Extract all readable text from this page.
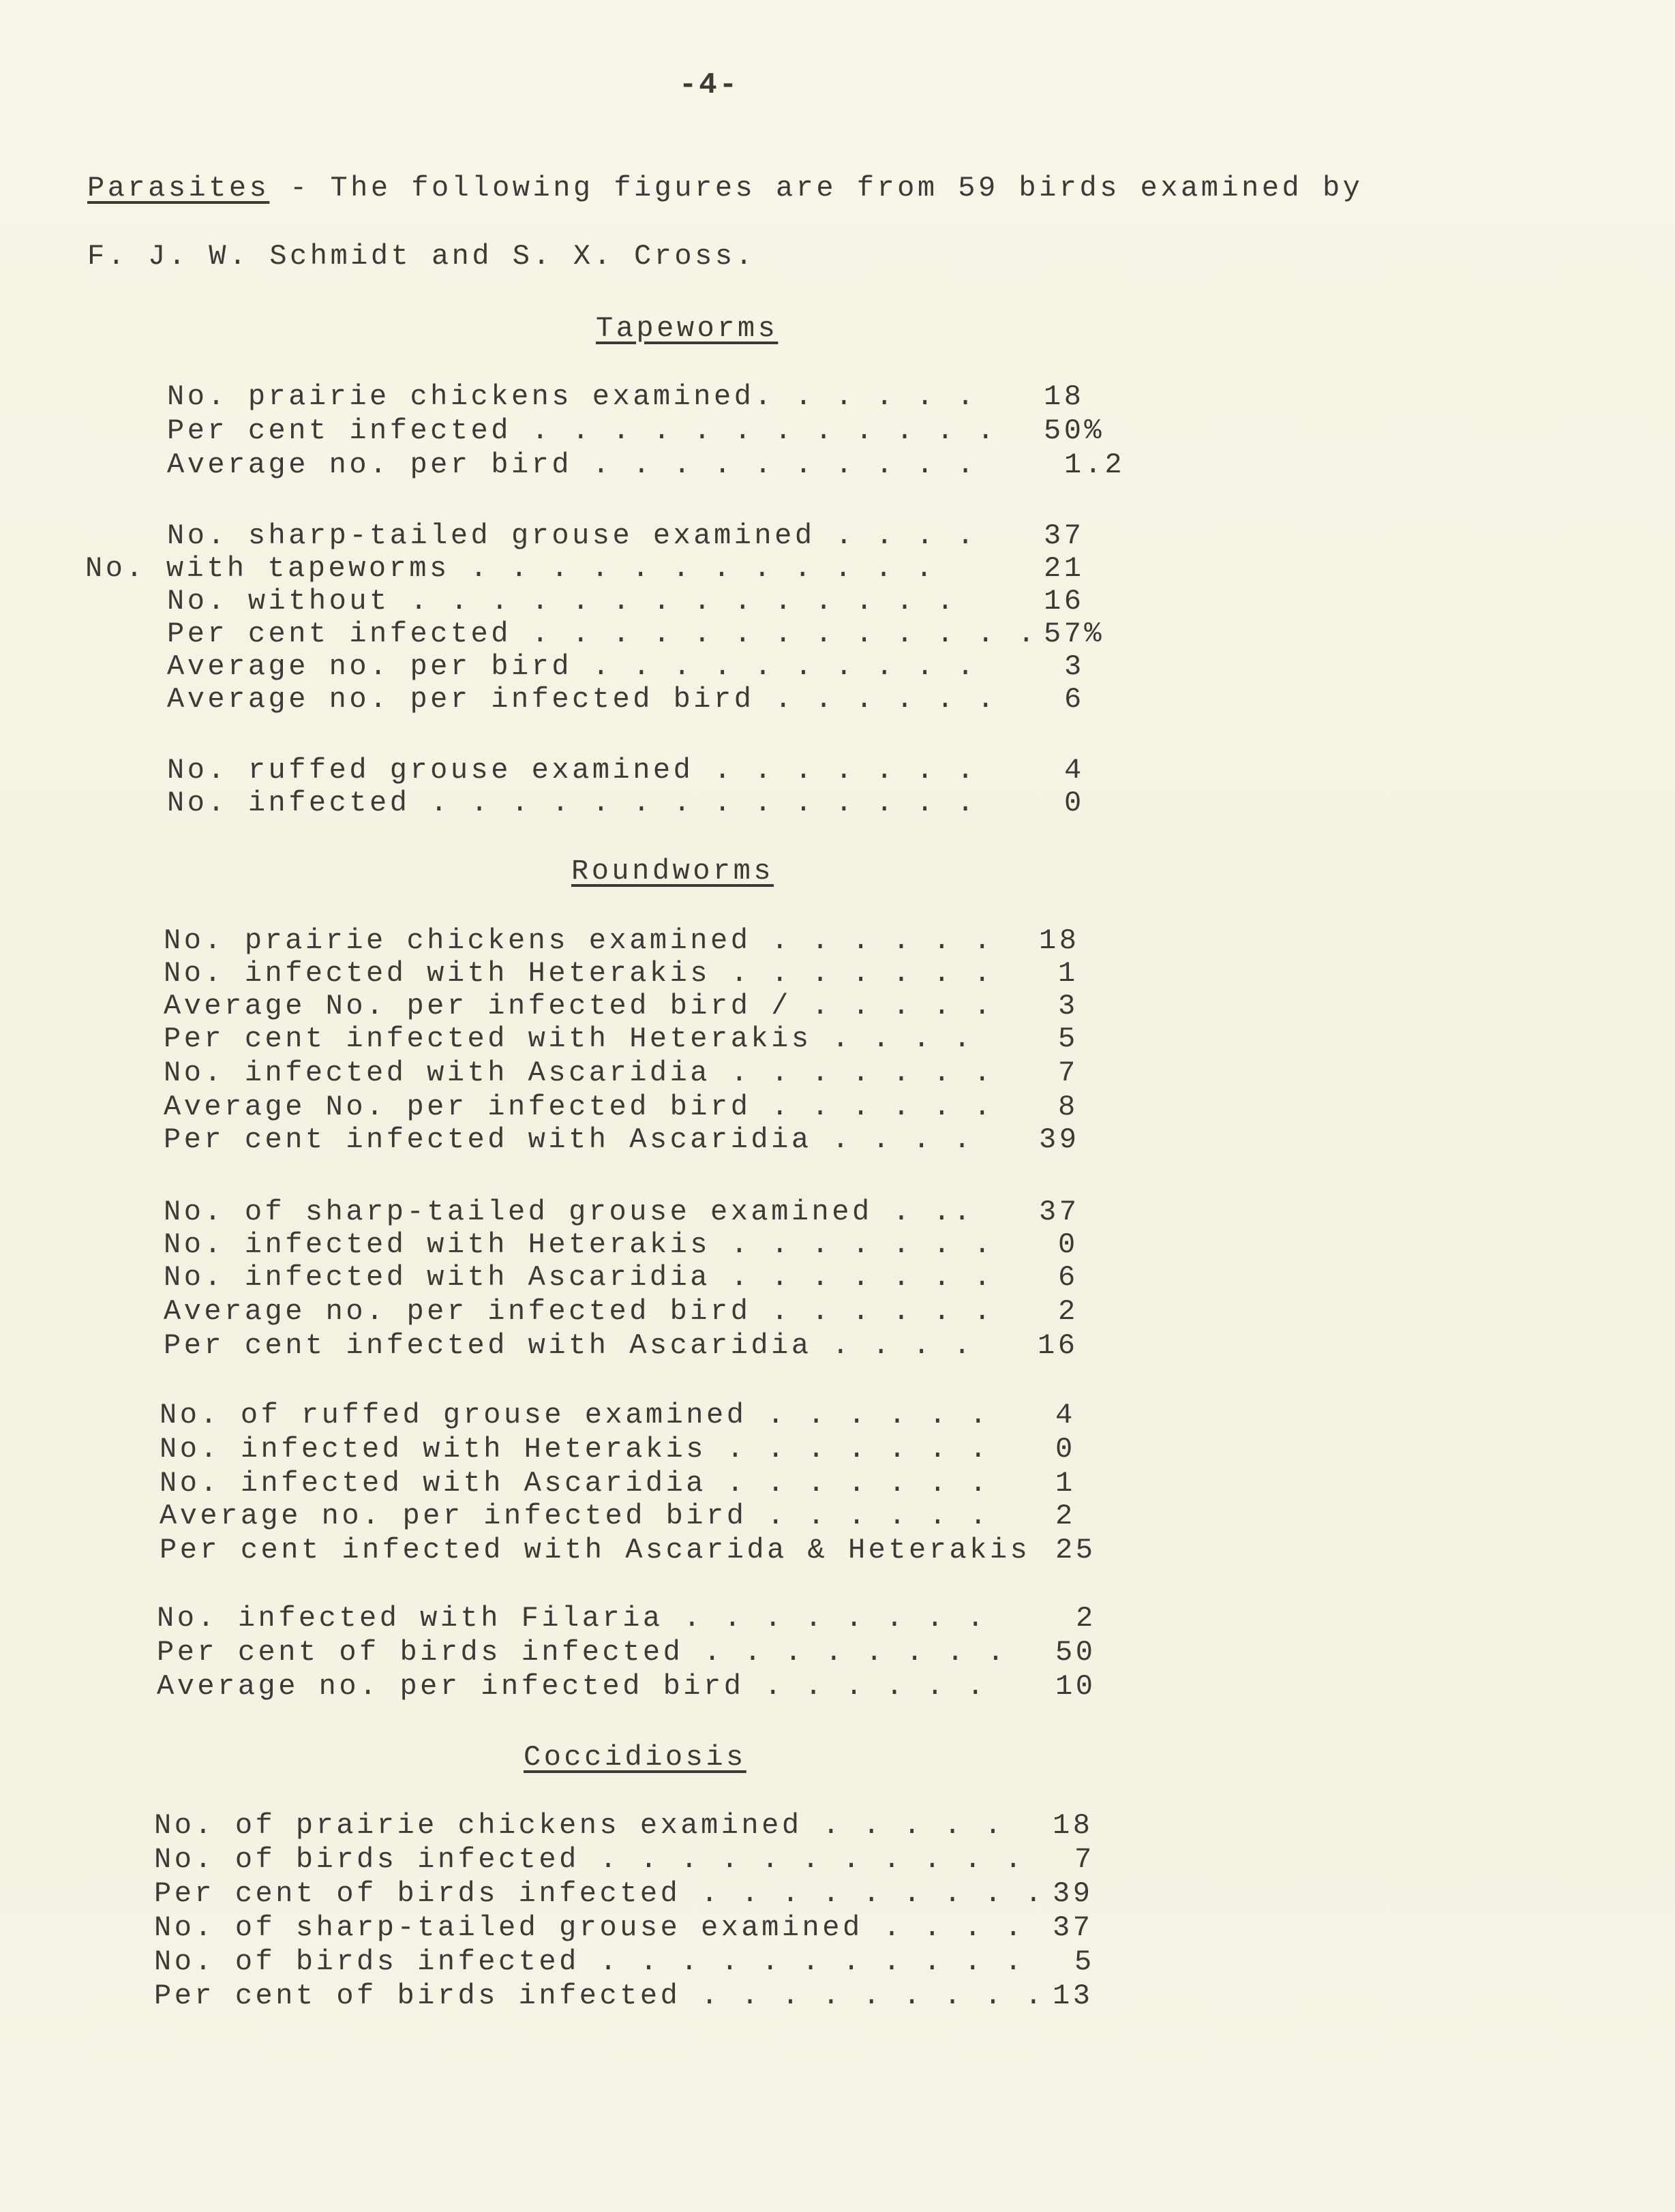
-4-
Parasites - The following figures are from 59 birds examined by
F. J. W. Schmidt and S. X. Cross.
Tapeworms
No. prairie chickens examined. . . . . . 18
Per cent infected . . . . . . . . . . . . 50%
Average no. per bird . . . . . . . . . .	1.2
No. sharp-tailed grouse examined . . . . 37
No. with tapeworms . . . . . . . . . . . .	21
No. without . . . . . . . . . . . . . .	16
Per cent infected . . . . . . . . . . . . . 57%
Average no. per bird . . . . . . . . . .	3
Average no. per infected bird . . . . . . 6
No. ruffed grouse examined . . . . . . .	4
No. infected . . . . . . . . . . . . . .	0
Roundworms
No. prairie chickens examined . . . . . . 18
No. infected with Heterakis . . . . . . . 1
Average No. per infected bird / . . . . . 3
Per cent infected with Heterakis . . . .	5
No. infected with Ascaridia . . . . . . . 7
Average No. per infected bird . . . . . . 8
Per cent infected with Ascaridia . . . . 39
No. of sharp-tailed grouse examined . .. 37
No. infected with Heterakis . . . . . . . 0
No. infected with Ascaridia . . . . . . . 6
Average no. per infected bird . . . . . . 2
Per cent infected with Ascaridia . . . . 16
No. of ruffed grouse examined . . . . . . 4
No. infected with Heterakis . . . . . . . 0
No. infected with Ascaridia . . . . . . . 1
Average no. per infected bird . . . . . . 2
Per cent infected with Ascarida & Heterakis 25
No. infected with Filaria . . . . . . . .	2
Per cent of birds infected . . . . . . . . 50
Average no. per infected bird . . . . . . 10
Coccidiosis
No. of prairie chickens examined . . . . . 18
No. of birds infected . . . . . . . . . . . 7
Per cent of birds infected . . . . . . . . . 39
No. of sharp-tailed grouse examined . . . . 37
No. of birds infected . . . . . . . . . . . 5
Per cent of birds infected . . . . . . . . . 13
